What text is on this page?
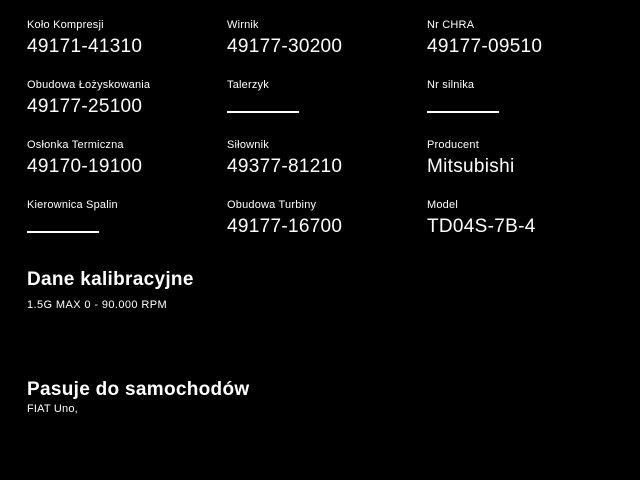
Koło Kompresji

49171-41310

Wirnik

49177-30200

Nr CHRA

49177-09510

Obudowa Łożyskowania

49177-25100

Talerzyk	Nr silnika

Osłonka Termiczna

49170-19100

Siłownik

49377-81210

Producent

Mitsubishi

Kierownica Spalin	Obudowa Turbiny

49177-16700

Model

TD04S-7B-4

Dane kalibracyjne

1.5G MAX 0 - 90.000 RPM

Pasuje do samochodów

FIAT Uno,
